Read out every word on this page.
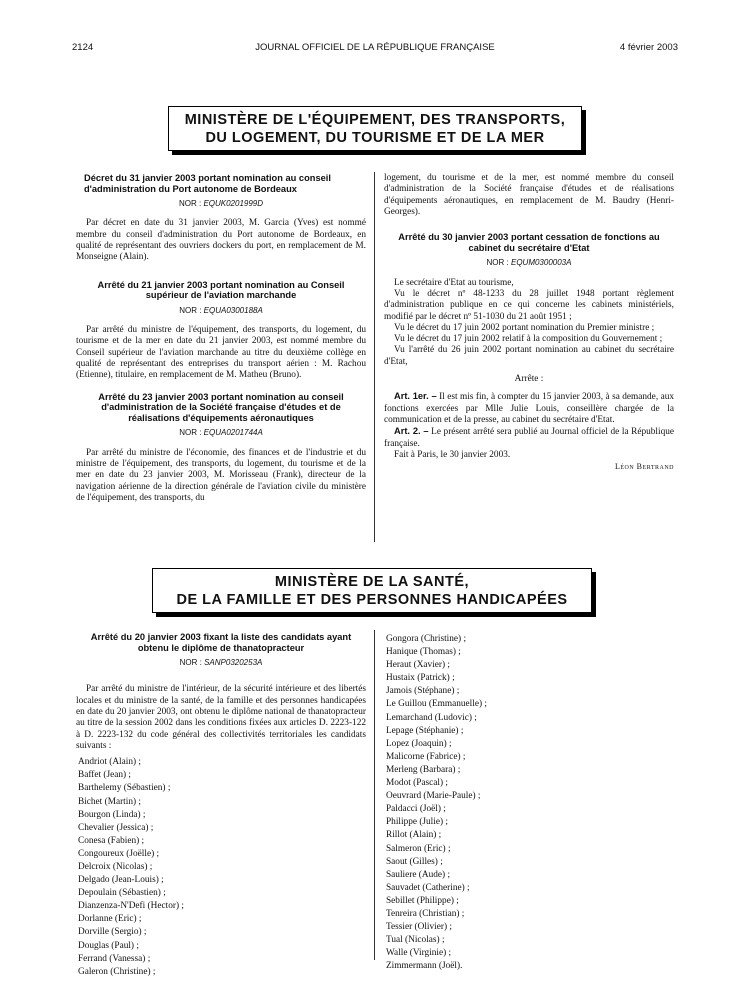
2124	JOURNAL OFFICIEL DE LA RÉPUBLIQUE FRANÇAISE	4 février 2003
MINISTÈRE DE L'ÉQUIPEMENT, DES TRANSPORTS,
DU LOGEMENT, DU TOURISME ET DE LA MER
Décret du 31 janvier 2003 portant nomination au conseil d'administration du Port autonome de Bordeaux
NOR : EQUK0201999D

Par décret en date du 31 janvier 2003, M. Garcia (Yves) est nommé membre du conseil d'administration du Port autonome de Bordeaux, en qualité de représentant des ouvriers dockers du port, en remplacement de M. Monseigne (Alain).

Arrêté du 21 janvier 2003 portant nomination au Conseil supérieur de l'aviation marchande
NOR : EQUA0300188A

Par arrêté du ministre de l'équipement, des transports, du logement, du tourisme et de la mer en date du 21 janvier 2003, est nommé membre du Conseil supérieur de l'aviation marchande au titre du deuxième collège en qualité de représentant des entreprises du transport aérien : M. Rachou (Etienne), titulaire, en remplacement de M. Matheu (Bruno).

Arrêté du 23 janvier 2003 portant nomination au conseil d'administration de la Société française d'études et de réalisations d'équipements aéronautiques
NOR : EQUA0201744A

Par arrêté du ministre de l'économie, des finances et de l'industrie et du ministre de l'équipement, des transports, du logement, du tourisme et de la mer en date du 23 janvier 2003, M. Morisseau (Frank), directeur de la navigation aérienne de la direction générale de l'aviation civile du ministère de l'équipement, des transports, du

logement, du tourisme et de la mer, est nommé membre du conseil d'administration de la Société française d'études et de réalisations d'équipements aéronautiques, en remplacement de M. Baudry (Henri-Georges).

Arrêté du 30 janvier 2003 portant cessation de fonctions au cabinet du secrétaire d'Etat
NOR : EQUM0300003A

Le secrétaire d'Etat au tourisme,

Vu le décret nº 48-1233 du 28 juillet 1948 portant règlement d'administration publique en ce qui concerne les cabinets ministériels, modifié par le décret nº 51-1030 du 21 août 1951 ;

Vu le décret du 17 juin 2002 portant nomination du Premier ministre ;

Vu le décret du 17 juin 2002 relatif à la composition du Gouvernement ;

Vu l'arrêté du 26 juin 2002 portant nomination au cabinet du secrétaire d'Etat,

Arrête :

Art. 1er. – Il est mis fin, à compter du 15 janvier 2003, à sa demande, aux fonctions exercées par Mlle Julie Louis, conseillère chargée de la communication et de la presse, au cabinet du secrétaire d'Etat.

Art. 2. – Le présent arrêté sera publié au Journal officiel de la République française.

Fait à Paris, le 30 janvier 2003.

Léon Bertrand

MINISTÈRE DE LA SANTÉ,
DE LA FAMILLE ET DES PERSONNES HANDICAPÉES
Arrêté du 20 janvier 2003 fixant la liste des candidats ayant obtenu le diplôme de thanatopracteur
NOR : SANP0320253A

Par arrêté du ministre de l'intérieur, de la sécurité intérieure et des libertés locales et du ministre de la santé, de la famille et des personnes handicapées en date du 20 janvier 2003, ont obtenu le diplôme national de thanatopracteur au titre de la session 2002 dans les conditions fixées aux articles D. 2223-122 à D. 2223-132 du code général des collectivités territoriales les candidats suivants :

Andriot (Alain) ;
Baffet (Jean) ;
Barthelemy (Sébastien) ;
Bichet (Martin) ;
Bourgon (Linda) ;
Chevalier (Jessica) ;
Conesa (Fabien) ;
Congoureux (Joëlle) ;
Delcroix (Nicolas) ;
Delgado (Jean-Louis) ;
Depoulain (Sébastien) ;
Dianzenza-N'Defi (Hector) ;
Dorlanne (Eric) ;
Dorville (Sergio) ;
Douglas (Paul) ;
Ferrand (Vanessa) ;
Galeron (Christine) ;
Gongora (Christine) ;
Hanique (Thomas) ;
Heraut (Xavier) ;
Hustaix (Patrick) ;
Jamois (Stéphane) ;
Le Guillou (Emmanuelle) ;
Lemarchand (Ludovic) ;
Lepage (Stéphanie) ;
Lopez (Joaquin) ;
Malicorne (Fabrice) ;
Merleng (Barbara) ;
Modot (Pascal) ;
Oeuvrard (Marie-Paule) ;
Paldacci (Joël) ;
Philippe (Julie) ;
Rillot (Alain) ;
Salmeron (Eric) ;
Saout (Gilles) ;
Sauliere (Aude) ;
Sauvadet (Catherine) ;
Sebillet (Philippe) ;
Tenreira (Christian) ;
Tessier (Olivier) ;
Tual (Nicolas) ;
Walle (Virginie) ;
Zimmermann (Joël).
